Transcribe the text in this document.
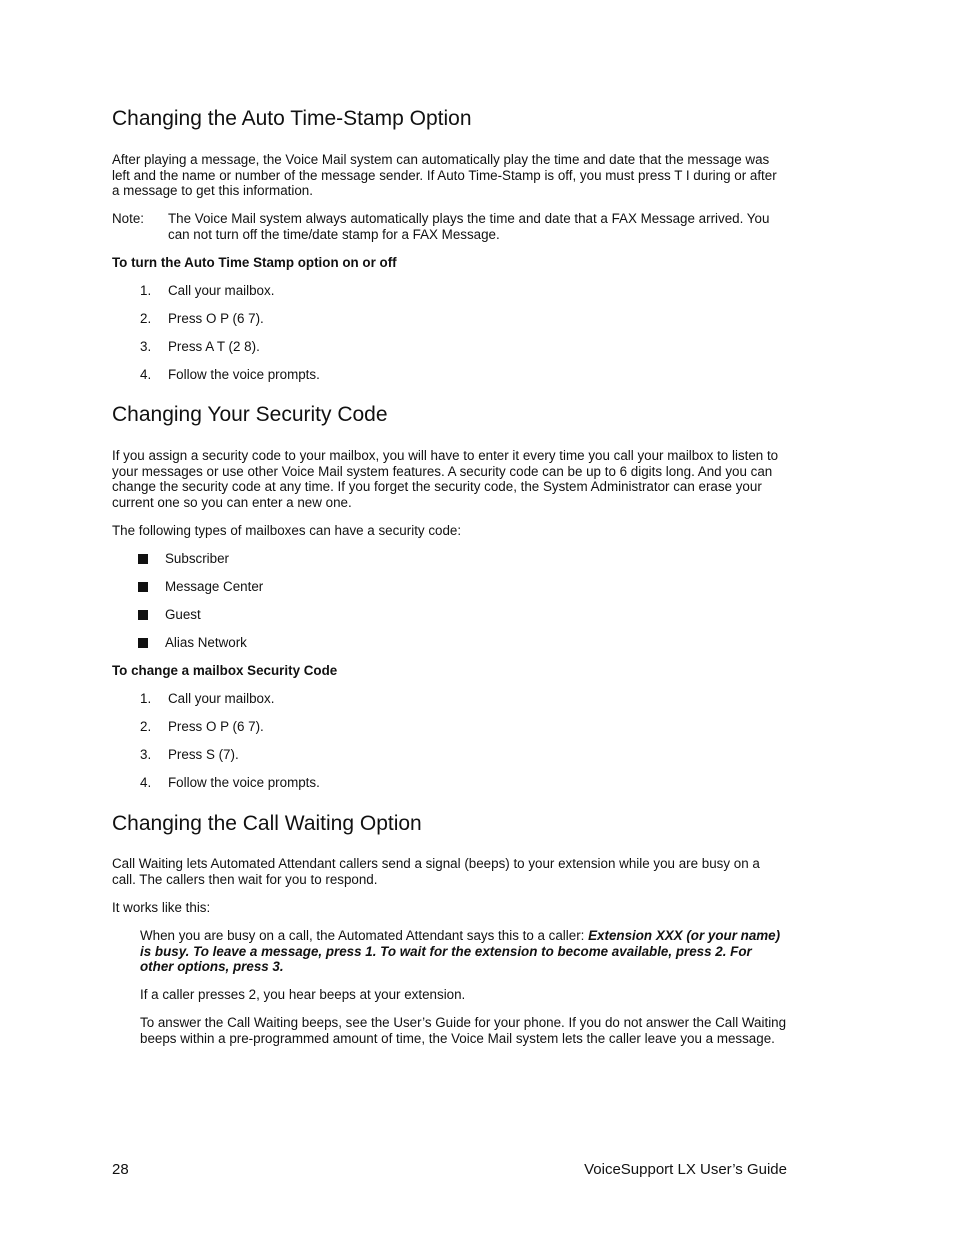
Changing the Auto Time-Stamp Option
After playing a message, the Voice Mail system can automatically play the time and date that the message was left and the name or number of the message sender. If Auto Time-Stamp is off, you must press T I during or after a message to get this information.
Note: The Voice Mail system always automatically plays the time and date that a FAX Message arrived. You can not turn off the time/date stamp for a FAX Message.
To turn the Auto Time Stamp option on or off
1. Call your mailbox.
2. Press O P (6 7).
3. Press A T (2 8).
4. Follow the voice prompts.
Changing Your Security Code
If you assign a security code to your mailbox, you will have to enter it every time you call your mailbox to listen to your messages or use other Voice Mail system features. A security code can be up to 6 digits long. And you can change the security code at any time. If you forget the security code, the System Administrator can erase your current one so you can enter a new one.
The following types of mailboxes can have a security code:
Subscriber
Message Center
Guest
Alias Network
To change a mailbox Security Code
1. Call your mailbox.
2. Press O P (6 7).
3. Press S (7).
4. Follow the voice prompts.
Changing the Call Waiting Option
Call Waiting lets Automated Attendant callers send a signal (beeps) to your extension while you are busy on a call. The callers then wait for you to respond.
It works like this:
When you are busy on a call, the Automated Attendant says this to a caller: Extension XXX (or your name) is busy. To leave a message, press 1. To wait for the extension to become available, press 2. For other options, press 3.
If a caller presses 2, you hear beeps at your extension.
To answer the Call Waiting beeps, see the User’s Guide for your phone. If you do not answer the Call Waiting beeps within a pre-programmed amount of time, the Voice Mail system lets the caller leave you a message.
28	VoiceSupport LX User’s Guide
